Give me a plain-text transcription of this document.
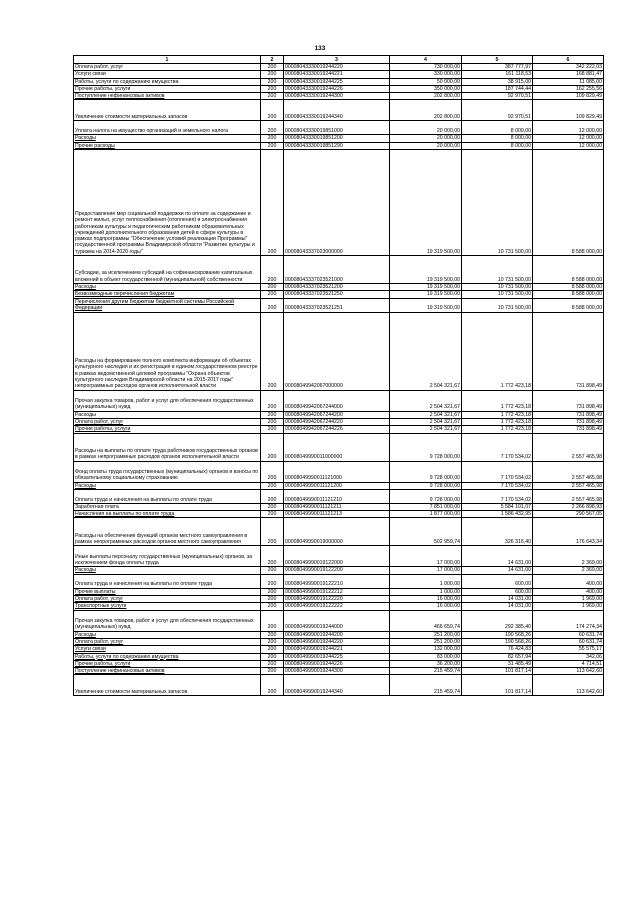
133
1	2	3	4	5	6
Оплата работ, услуг	200	00008043330019244220	730 000,00	387 777,97	342 222,03
Услуги связи	200	00008043330019244221	330 000,00	161 118,53	168 881,47
Работы, услуги по содержанию имущества	200	00008043330019244225	50 000,00	38 915,00	11 085,00
Прочие работы, услуги	200	00008043330019244226	350 000,00	187 744,44	162 255,56
Поступление нефинансовых активов	200	00008043330019244300	202 800,00	92 970,51	109 829,49
Увеличение стоимости материальных запасов	200	00008043330019244340	202 800,00	92 970,51	109 829,49
Уплата налога на имущество организаций и земельного налога	200	00008043330019851000	20 000,00	8 000,00	12 000,00
Расходы	200	00008043330019851200	20 000,00	8 000,00	12 000,00
Прочие расходы	200	00008043330019851290	20 000,00	8 000,00	12 000,00
Предоставление мер социальной поддержки по оплате за содержание и ремонт жилья, услуг теплоснабжения (отопления) и электроснабжения работникам культуры и педагогическим работникам образовательных учреждений дополнительного образования детей в сфере культуры в рамках подпрограммы "Обеспечение условий реализации Программы" государственной программы Владимирской области "Развитие культуры и туризма на 2014-2020 годы"	200	00008043337023000000	19 319 500,00	10 731 500,00	8 588 000,00
Субсидии, за исключением субсидий на софинансирование капитальных вложений в объект государственной (муниципальной) собственности	200	00008043337023521000	19 319 500,00	10 731 500,00	8 588 000,00
Расходы	200	00008043337023521200	19 319 500,00	10 731 500,00	8 588 000,00
Безвозмездные перечисления бюджетам	200	00008043337023521250	19 319 500,00	10 731 500,00	8 588 000,00
Перечисления другим бюджетам бюджетной системы Российской Федерации	200	00008043337023521251	19 319 500,00	10 731 500,00	8 588 000,00
Расходы на формирование полного комплекта информации об объектах культурного наследия и их регистрация в едином государственном реестре в рамках ведомственной целевой программы "Охрана объектов культурного наследия Владимирской области на 2015-2017 годы" непрограммных расходов органов исполнительной власти	200	00008049942067000000	2 504 321,67	1 772 423,18	731 898,49
Прочая закупка товаров, работ и услуг для обеспечения государственных (муниципальных) нужд	200	00008049942067244000	2 504 321,67	1 772 423,18	731 898,49
Расходы	200	00008049942067244200	2 504 321,67	1 772 423,18	731 898,49
Оплата работ, услуг	200	00008049942067244220	2 504 321,67	1 772 423,18	731 898,49
Прочие работы, услуги	200	00008049942067244226	2 504 321,67	1 772 423,18	731 898,49
Расходы на выплаты по оплате труда работников государственных органов в рамках непрограммных расходов органов исполнительной власти	200	00008049990011000000	9 728 000,00	7 170 534,02	2 557 465,98
Фонд оплаты труда государственных (муниципальных) органов и взносы по обязательному социальному страхованию	200	00008049990011121000	9 728 000,00	7 170 534,02	2 557 465,98
Расходы	200	00008049990011121200	9 728 000,00	7 170 534,02	2 557 465,98
Оплата труда и начисления на выплаты по оплате труда	200	00008049990011121210	9 728 000,00	7 170 534,02	2 557 465,98
Заработная плата	200	00008049990011121211	7 851 000,00	5 584 101,07	2 266 898,93
Начисления на выплаты по оплате труда	200	00008049990011121213	1 877 000,00	1 586 432,95	290 567,05
Расходы на обеспечение функций органов местного самоуправления в рамках непрограммных расходов органов местного самоуправления	200	00008049990019000000	502 959,74	326 316,40	176 643,34
Иные выплаты персоналу государственных (муниципальных) органов, за исключением фонда оплаты труда	200	00008049990019122000	17 000,00	14 631,00	2 369,00
Расходы	200	00008049990019122200	17 000,00	14 631,00	2 369,00
Оплата труда и начисления на выплаты по оплате труда	200	00008049990019122210	1 000,00	600,00	400,00
Прочие выплаты	200	00008049990019122212	1 000,00	600,00	400,00
Оплата работ, услуг	200	00008049990019122220	16 000,00	14 031,00	1 969,00
Транспортные услуги	200	00008049990019122222	16 000,00	14 031,00	1 969,00
Прочая закупка товаров, работ и услуг для обеспечения государственных (муниципальных) нужд	200	00008049990019244000	466 659,74	292 385,40	174 274,34
Расходы	200	00008049990019244200	251 200,00	190 568,26	60 631,74
Оплата работ, услуг	200	00008049990019244220	251 200,00	190 568,26	60 631,74
Услуги связи	200	00008049990019244221	132 000,00	76 424,83	55 575,17
Работы, услуги по содержанию имущества	200	00008049990019244225	83 000,00	82 657,94	342,06
Прочие работы, услуги	200	00008049990019244226	36 200,00	31 485,49	4 714,51
Поступление нефинансовых активов	200	00008049990019244300	215 459,74	101 817,14	113 642,60
Увеличение стоимости материальных запасов	200	00008049990019244340	215 459,74	101 817,14	113 642,60
